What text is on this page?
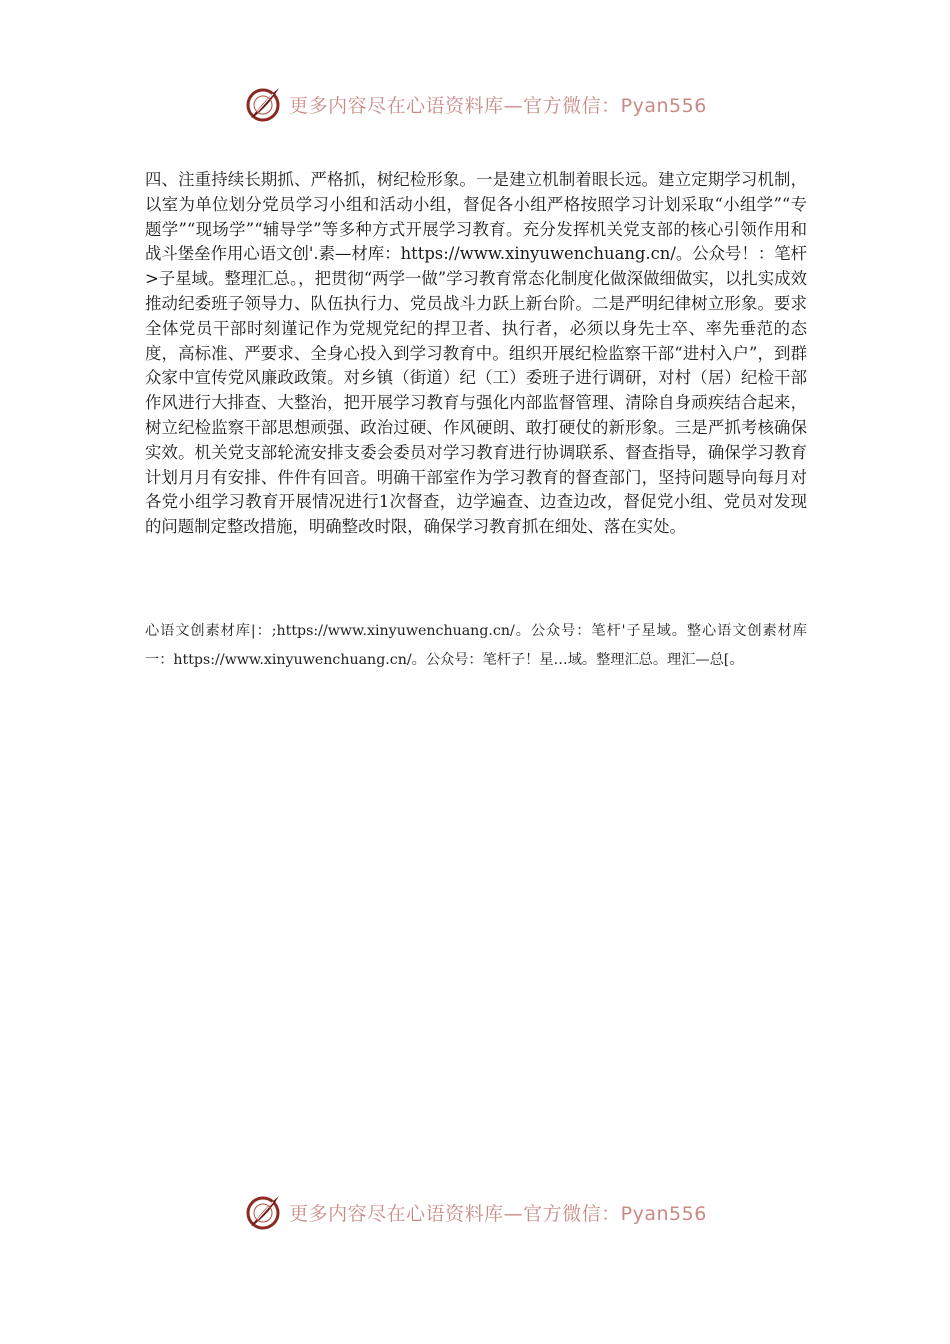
更多内容尽在心语资料库—官方微信：Pyan556

四、注重持续长期抓、严格抓，树纪检形象。一是建立机制着眼长远。建立定期学习机制，以室为单位划分党员学习小组和活动小组，督促各小组严格按照学习计划采取“小组学”“专题学”“现场学”“辅导学”等多种方式开展学习教育。充分发挥机关党支部的核心引领作用和战斗堡垒作用心语文创'.素—材库：https://www.xinyuwenchuang.cn/。公众号！：笔杆>子星域。整理汇总。，把贯彻“两学一做”学习教育常态化制度化做深做细做实，以扎实成效推动纪委班子领导力、队伍执行力、党员战斗力跃上新台阶。二是严明纪律树立形象。要求全体党员干部时刻谨记作为党规党纪的捍卫者、执行者，必须以身先士卒、率先垂范的态度，高标准、严要求、全身心投入到学习教育中。组织开展纪检监察干部“进村入户”，到群众家中宣传党风廉政政策。对乡镇（街道）纪（工）委班子进行调研，对村（居）纪检干部作风进行大排查、大整治，把开展学习教育与强化内部监督管理、清除自身顽疾结合起来，树立纪检监察干部思想顽强、政治过硬、作风硬朗、敢打硬仗的新形象。三是严抓考核确保实效。机关党支部轮流安排支委会委员对学习教育进行协调联系、督查指导，确保学习教育计划月月有安排、件件有回音。明确干部室作为学习教育的督查部门，坚持问题导向每月对各党小组学习教育开展情况进行1次督查，边学遍查、边查边改，督促党小组、党员对发现的问题制定整改措施，明确整改时限，确保学习教育抓在细处、落在实处。

心语文创素材库|：;https://www.xinyuwenchuang.cn/。公众号：笔杆'子星域。整心语文创素材库一：https://www.xinyuwenchuang.cn/。公众号：笔杆子！星…域。整理汇总。理汇—总[。

更多内容尽在心语资料库—官方微信：Pyan556
